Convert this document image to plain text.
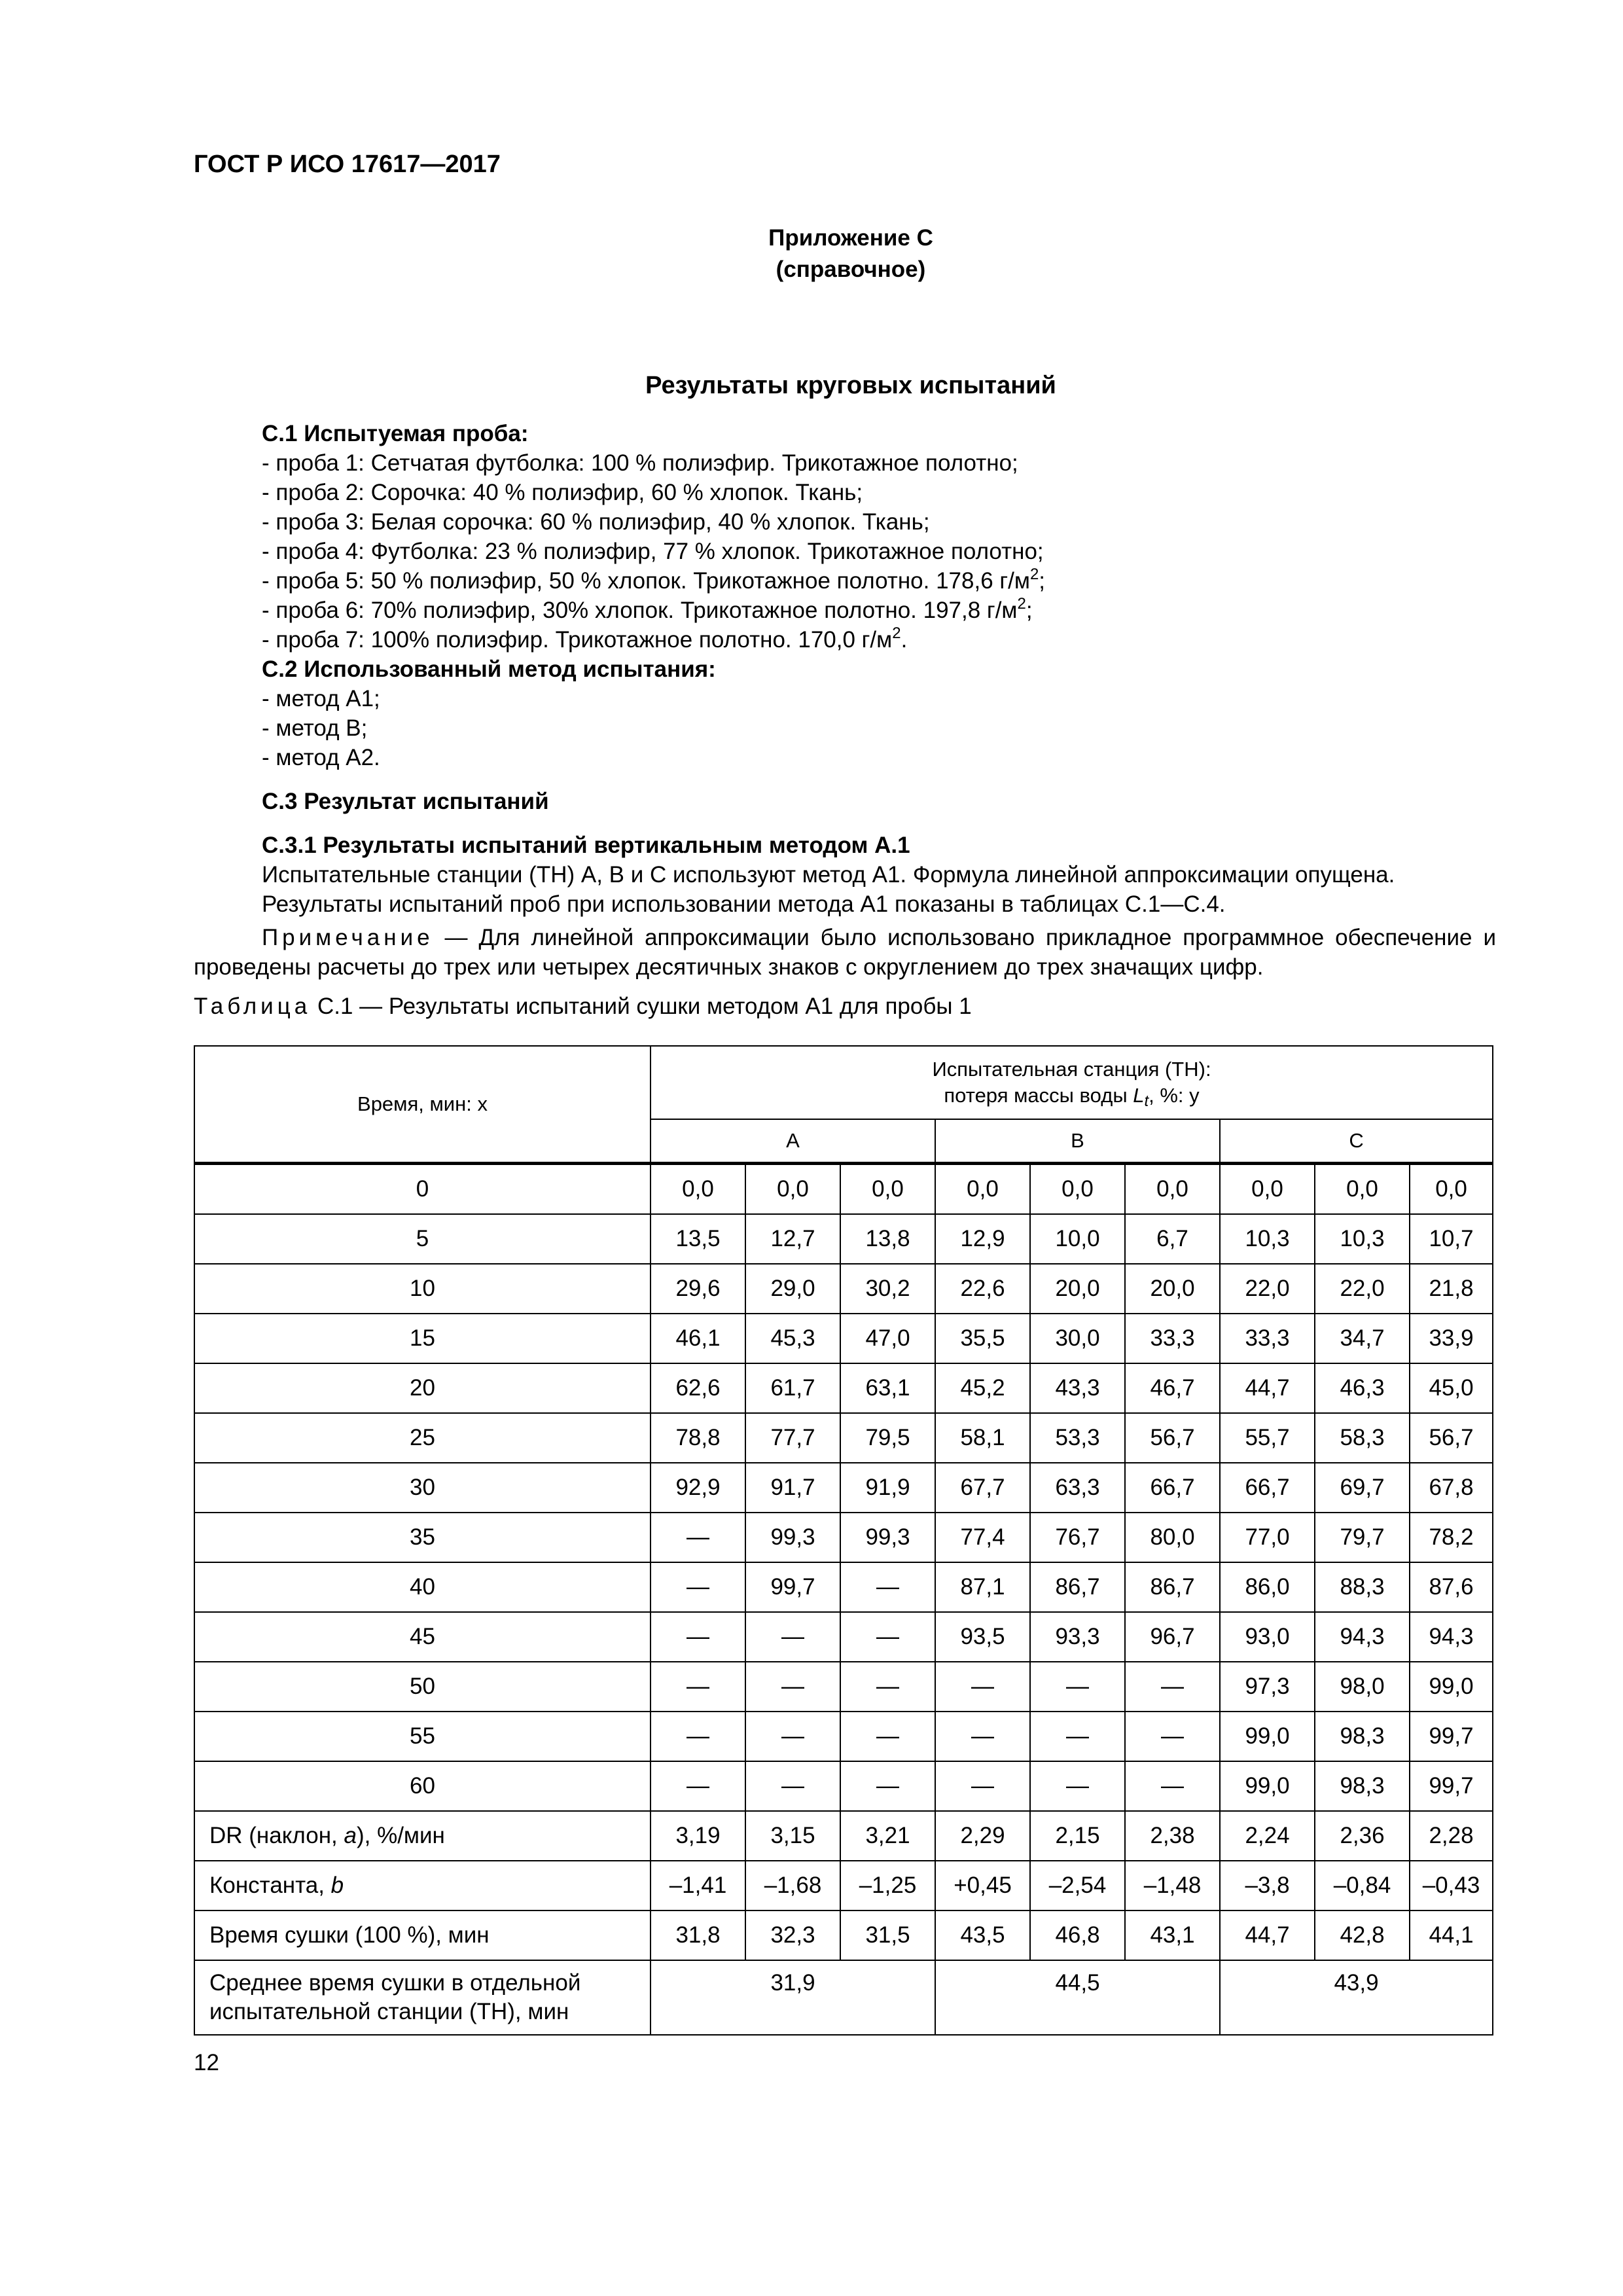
ГОСТ Р ИСО 17617—2017
Приложение С
(справочное)
Результаты круговых испытаний
С.1 Испытуемая проба:
- проба 1: Сетчатая футболка: 100 % полиэфир. Трикотажное полотно;
- проба 2: Сорочка: 40 % полиэфир, 60 % хлопок. Ткань;
- проба 3: Белая сорочка: 60 % полиэфир, 40 % хлопок. Ткань;
- проба 4: Футболка: 23 % полиэфир, 77 % хлопок. Трикотажное полотно;
- проба 5: 50 % полиэфир, 50 % хлопок. Трикотажное полотно. 178,6 $г/м^2$;
- проба 6: 70% полиэфир, 30% хлопок. Трикотажное полотно. 197,8 $г/м^2$;
- проба 7: 100% полиэфир. Трикотажное полотно. 170,0 $г/м^2$.
С.2 Использованный метод испытания:
- метод А1;
- метод В;
- метод А2.
С.3 Результат испытаний
С.3.1 Результаты испытаний вертикальным методом А.1
Испытательные станции (ТН) А, В и С используют метод А1. Формула линейной аппроксимации опущена.
Результаты испытаний проб при использовании метода А1 показаны в таблицах С.1—С.4.
Примечание — Для линейной аппроксимации было использовано прикладное программное обеспечение и проведены расчеты до трех или четырех десятичных знаков с округлением до трех значащих цифр.
Таблица С.1 — Результаты испытаний сушки методом А1 для пробы 1
Время, мин: x	Испытательная станция (ТН):
потеря массы воды $L_t$, %: y								

	A			B			C		
0	0,0	0,0	0,0	0,0	0,0	0,0	0,0	0,0	0,0
5	13,5	12,7	13,8	12,9	10,0	6,7	10,3	10,3	10,7
10	29,6	29,0	30,2	22,6	20,0	20,0	22,0	22,0	21,8
15	46,1	45,3	47,0	35,5	30,0	33,3	33,3	34,7	33,9
20	62,6	61,7	63,1	45,2	43,3	46,7	44,7	46,3	45,0
25	78,8	77,7	79,5	58,1	53,3	56,7	55,7	58,3	56,7
30	92,9	91,7	91,9	67,7	63,3	66,7	66,7	69,7	67,8
35	—	99,3	99,3	77,4	76,7	80,0	77,0	79,7	78,2
40	—	99,7	—	87,1	86,7	86,7	86,0	88,3	87,6
45	—	—	—	93,5	93,3	96,7	93,0	94,3	94,3
50	—	—	—	—	—	—	97,3	98,0	99,0
55	—	—	—	—	—	—	99,0	98,3	99,7
60	—	—	—	—	—	—	99,0	98,3	99,7
DR (наклон, a), %/мин	3,19	3,15	3,21	2,29	2,15	2,38	2,24	2,36	2,28
Константа, b	–1,41	–1,68	–1,25	+0,45	–2,54	–1,48	–3,8	–0,84	–0,43
Время сушки (100 %), мин	31,8	32,3	31,5	43,5	46,8	43,1	44,7	42,8	44,1

Среднее время сушки в отдельной
испытательной станции (ТН), мин	31,9			44,5			43,9		
12
